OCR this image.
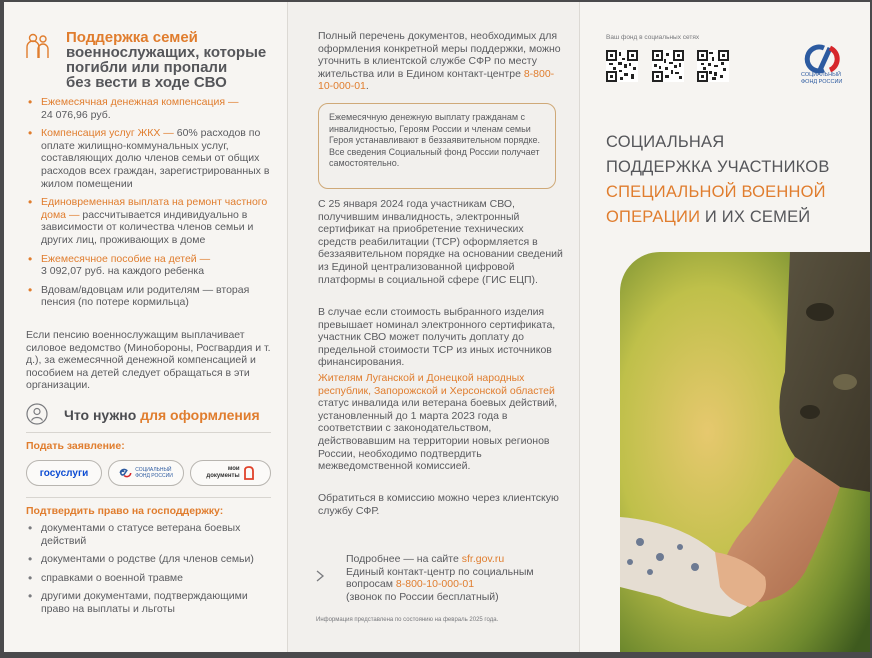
Поддержка семей
военнослужащих, которые
погибли или пропали
без вести в ходе СВО
• Ежемесячная денежная компенсация —
24 076,96 руб.
• Компенсация услуг ЖКХ — 60% расходов по оплате жилищно-коммунальных услуг, составляющих долю членов семьи от общих расходов всех граждан, зарегистрированных в жилом помещении
• Единовременная выплата на ремонт частного дома — рассчитывается индивидуально в зависимости от количества членов семьи и других лиц, проживающих в доме
• Ежемесячное пособие на детей —
3 092,07 руб. на каждого ребенка
• Вдовам/вдовцам или родителям — вторая пенсия (по потере кормильца)
Если пенсию военнослужащим выплачивает силовое ведомство (Минобороны, Росгвардия и т. д.), за ежемесячной денежной компенсацией и пособием на детей следует обращаться в эти организации.
Что нужно для оформления
Подать заявление:
госуслуги	СОЦИАЛЬНЫЙ
ФОНД РОССИИ
мои
документы
Подтвердить право на господдержку:
• документами о статусе ветерана боевых действий
• документами о родстве (для членов семьи)
• справками о военной травме
• другими документами, подтверждающими право на выплаты и льготы
Полный перечень документов, необходимых для оформления конкретной меры поддержки, можно уточнить в клиентской службе СФР по месту жительства или в Едином контакт-центре 8-800-10-000-01.
Ежемесячную денежную выплату гражданам с инвалидностью, Героям России и членам семьи Героя устанавливают в беззаявительном порядке. Все сведения Социальный фонд России получает самостоятельно.
С 25 января 2024 года участникам СВО, получившим инвалидность, электронный сертификат на приобретение технических средств реабилитации (ТСР) оформляется в беззаявительном порядке на основании сведений из Единой централизованной цифровой платформы в социальной сфере (ГИС ЕЦП).
В случае если стоимость выбранного изделия превышает номинал электронного сертификата, участник СВО может получить доплату до предельной стоимости ТСР из иных источников финансирования.
Жителям Луганской и Донецкой народных республик, Запорожской и Херсонской областей статус инвалида или ветерана боевых действий, установленный до 1 марта 2023 года в соответствии с законодательством, действовавшим на территории новых регионов России, необходимо подтвердить межведомственной комиссией.
Обратиться в комиссию можно через клиентскую службу СФР.
Подробнее — на сайте sfr.gov.ru
Единый контакт-центр по социальным вопросам 8-800-10-000-01
(звонок по России бесплатный)
Информация представлена по состоянию на февраль 2025 года.
Ваш фонд в социальных сетях
СОЦИАЛЬНЫЙ
ФОНД РОССИИ
СОЦИАЛЬНАЯ
ПОДДЕРЖКА УЧАСТНИКОВ
СПЕЦИАЛЬНОЙ ВОЕННОЙ
ОПЕРАЦИИ И ИХ СЕМЕЙ
